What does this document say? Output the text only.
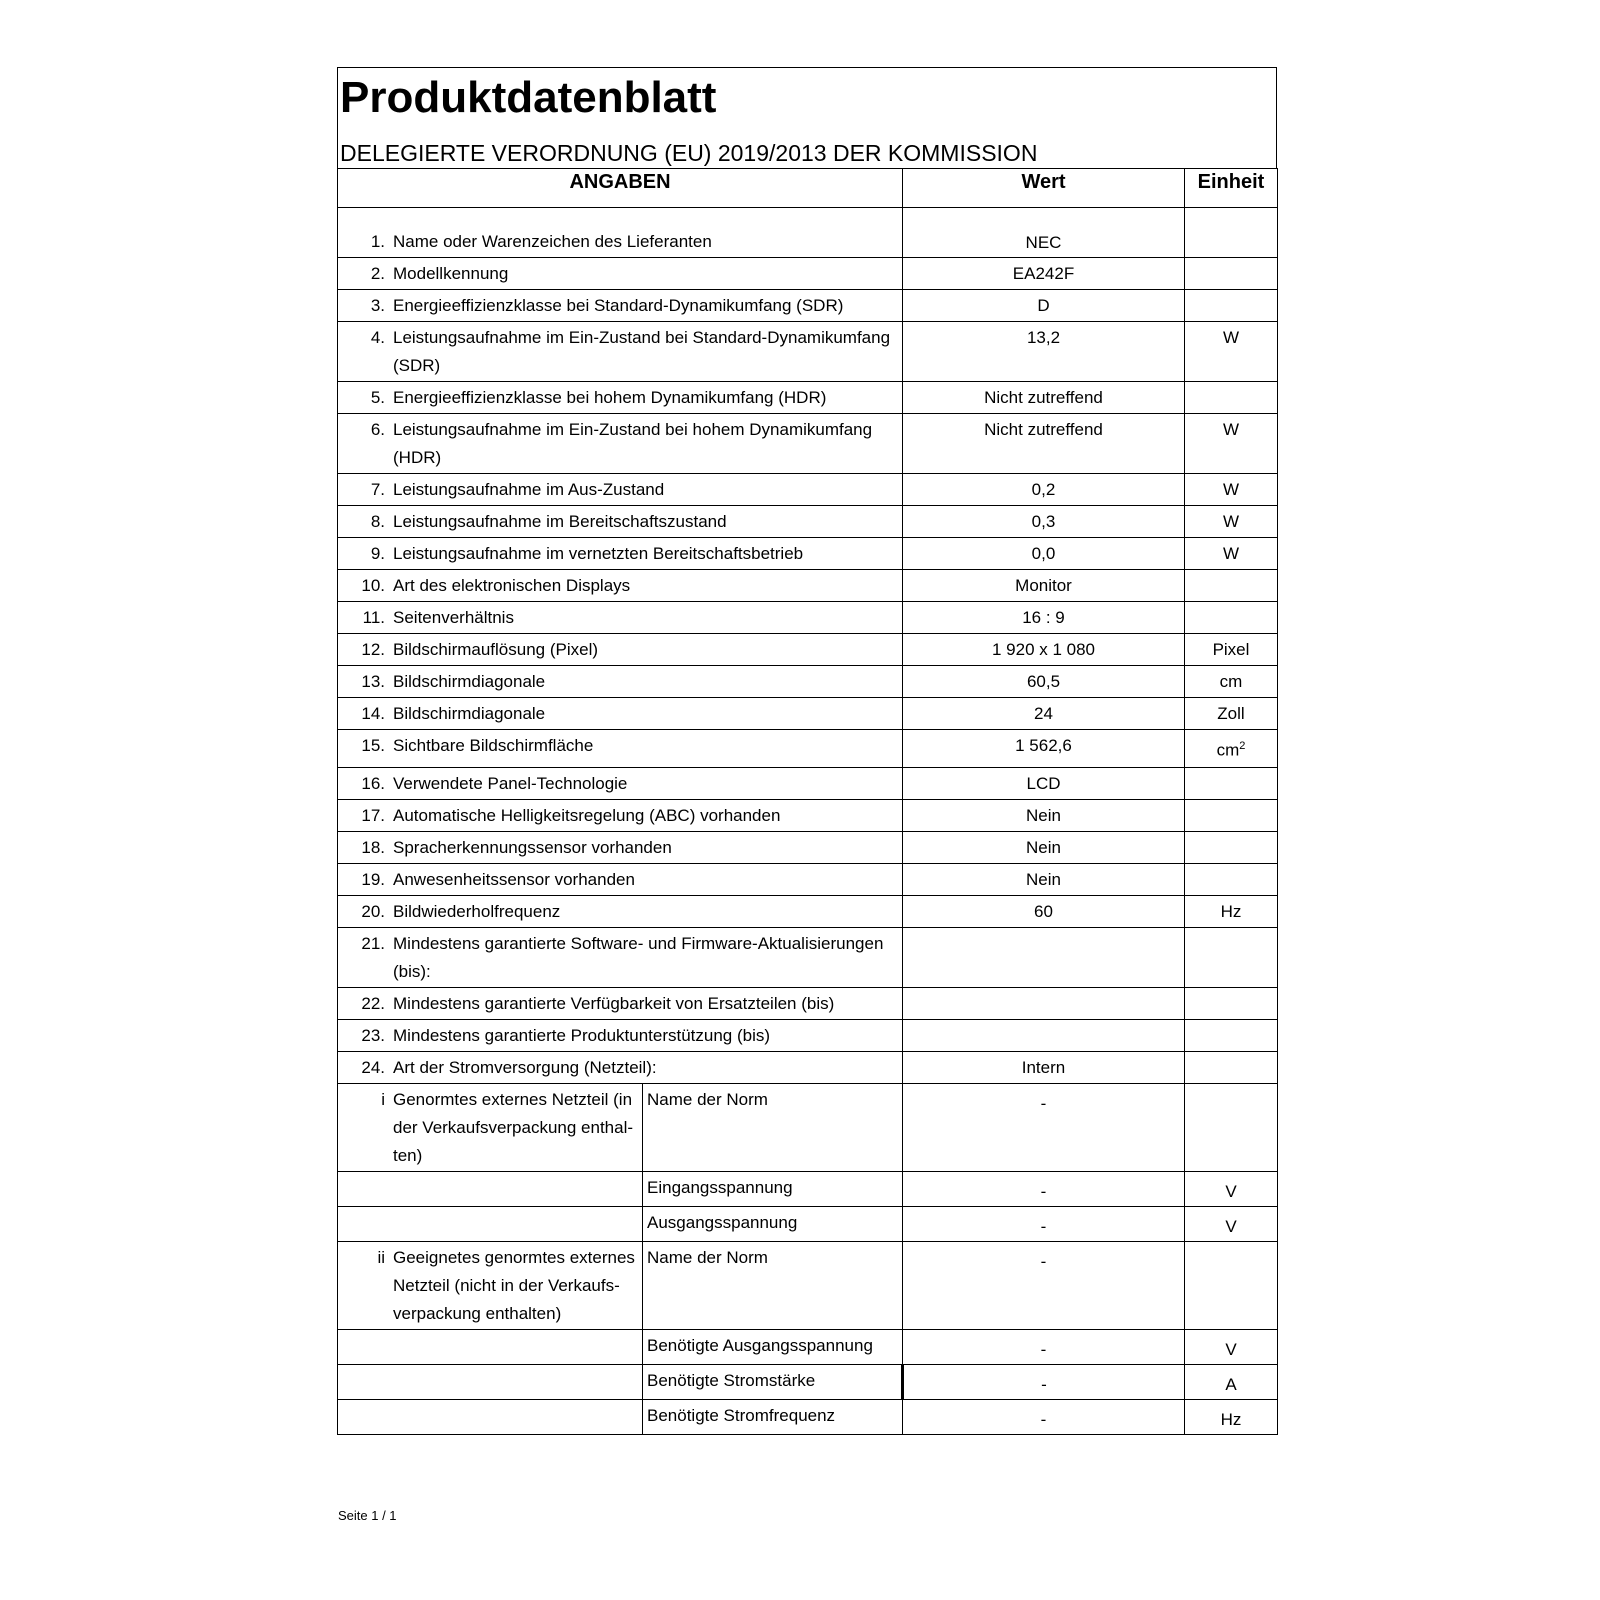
Produktdatenblatt
DELEGIERTE VERORDNUNG (EU) 2019/2013 DER KOMMISSION
ANGABEN		Wert	Einheit

1. Name oder Warenzeichen des Lieferanten		NEC	

2. Modellkennung		EA242F	

3. Energieeffizienzklasse bei Standard-Dynamikumfang (SDR)		D	

4. Leistungsaufnahme im Ein-Zustand bei Standard-Dynamikumfang (SDR)		13,2	W

5. Energieeffizienzklasse bei hohem Dynamikumfang (HDR)		Nicht zutreffend	

6. Leistungsaufnahme im Ein-Zustand bei hohem Dynamikumfang (HDR)		Nicht zutreffend	W

7. Leistungsaufnahme im Aus-Zustand		0,2	W

8. Leistungsaufnahme im Bereitschaftszustand		0,3	W

9. Leistungsaufnahme im vernetzten Bereitschaftsbetrieb		0,0	W

10. Art des elektronischen Displays		Monitor	

11. Seitenverhältnis		16 : 9	

12. Bildschirmauflösung (Pixel)		1 920 x 1 080	Pixel

13. Bildschirmdiagonale		60,5	cm

14. Bildschirmdiagonale		24	Zoll

15. Sichtbare Bildschirmfläche		1 562,6	$cm^2$

16. Verwendete Panel-Technologie		LCD	

17. Automatische Helligkeitsregelung (ABC) vorhanden		Nein	

18. Spracherkennungssensor vorhanden		Nein	

19. Anwesenheitssensor vorhanden		Nein	

20. Bildwiederholfrequenz		60	Hz

21. Mindestens garantierte Software- und Firmware-Aktualisierungen (bis):			

22. Mindestens garantierte Verfügbarkeit von Ersatzteilen (bis)			

23. Mindestens garantierte Produktunterstützung (bis)			

24. Art der Stromversorgung (Netzteil):		Intern	

i Genormtes externes Netzteil (in der Verkaufsverpackung enthal-ten)	Name der Norm	-	
	Eingangsspannung	-	V
	Ausgangsspannung	-	V

ii Geeignetes genormtes externes Netzteil (nicht in der Verkaufs-verpackung enthalten)	Name der Norm	-	
	Benötigte Ausgangsspannung	-	V
	Benötigte Stromstärke	-	A
	Benötigte Stromfrequenz	-	Hz
Seite 1 / 1
